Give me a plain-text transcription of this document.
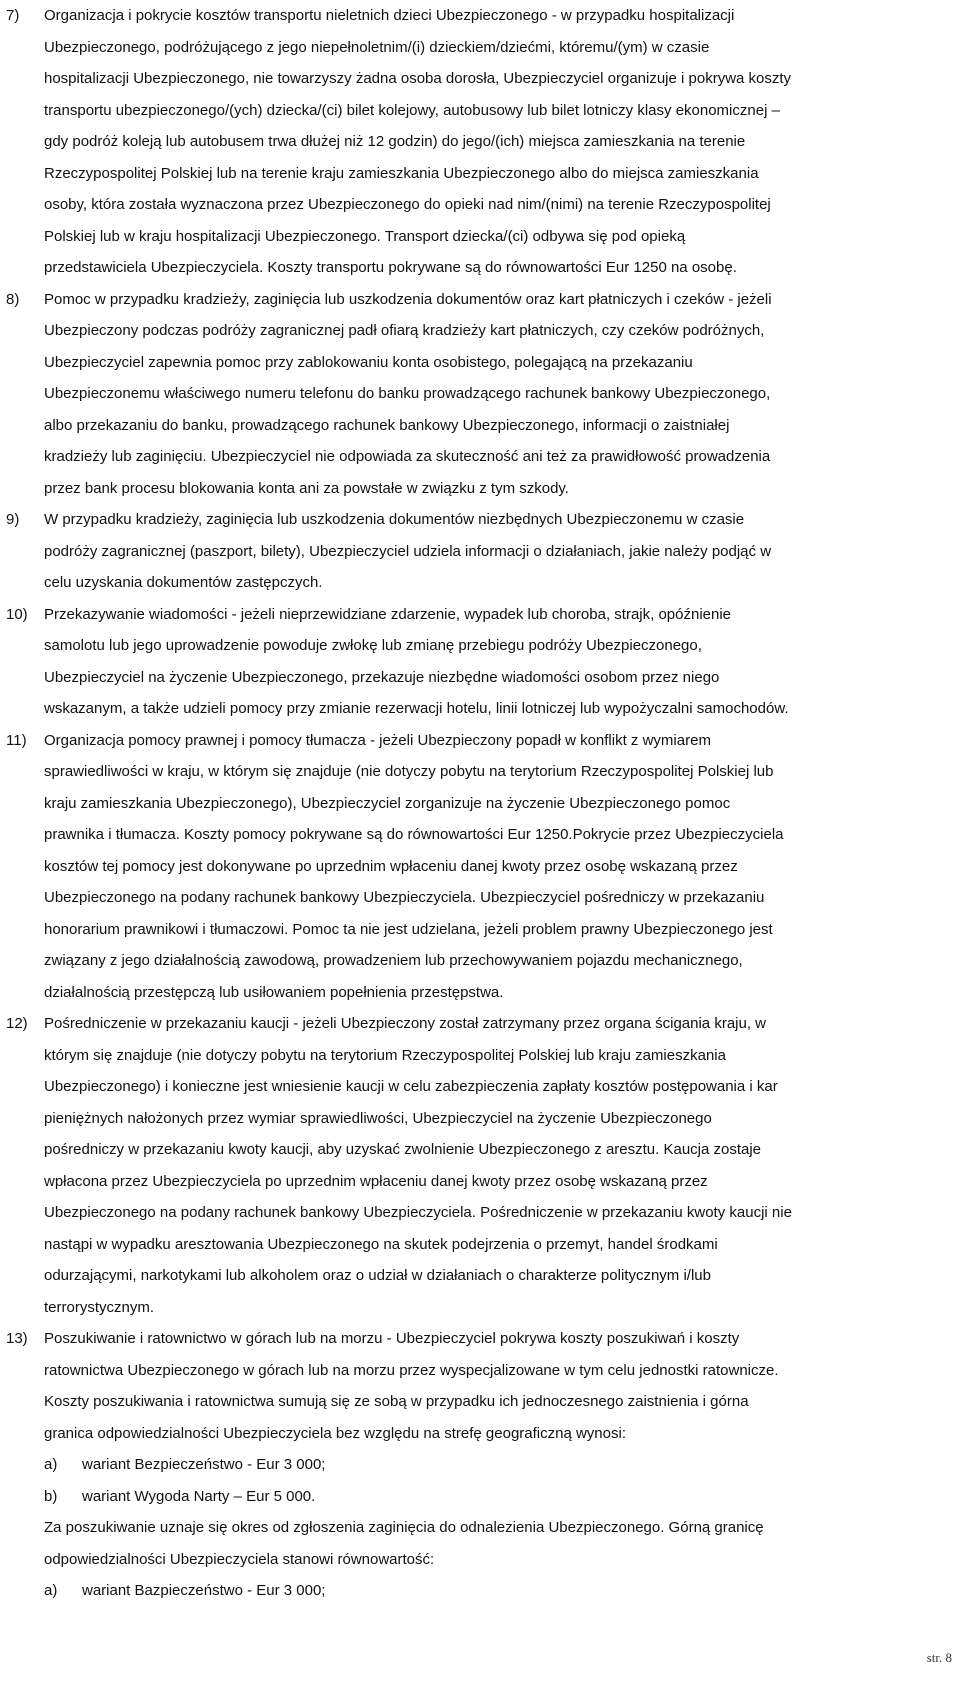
7) Organizacja i pokrycie kosztów transportu nieletnich dzieci Ubezpieczonego - w przypadku hospitalizacji
Ubezpieczonego, podróżującego z jego niepełnoletnim/(i) dzieckiem/dziećmi, któremu/(ym) w czasie
hospitalizacji Ubezpieczonego, nie towarzyszy żadna osoba dorosła, Ubezpieczyciel organizuje i pokrywa koszty
transportu ubezpieczonego/(ych) dziecka/(ci) bilet kolejowy, autobusowy lub bilet lotniczy klasy ekonomicznej –
gdy podróż koleją lub autobusem trwa dłużej niż 12 godzin) do jego/(ich) miejsca zamieszkania na terenie
Rzeczypospolitej Polskiej lub na terenie kraju zamieszkania Ubezpieczonego albo do miejsca zamieszkania
osoby, która została wyznaczona przez Ubezpieczonego do opieki nad nim/(nimi) na terenie Rzeczypospolitej
Polskiej lub w kraju hospitalizacji Ubezpieczonego. Transport dziecka/(ci) odbywa się pod opieką
przedstawiciela Ubezpieczyciela. Koszty transportu pokrywane są do równowartości Eur 1250 na osobę.
8) Pomoc w przypadku kradzieży, zaginięcia lub uszkodzenia dokumentów oraz kart płatniczych i czeków - jeżeli
Ubezpieczony podczas podróży zagranicznej padł ofiarą kradzieży kart płatniczych, czy czeków podróżnych,
Ubezpieczyciel zapewnia pomoc przy zablokowaniu konta osobistego, polegającą na przekazaniu
Ubezpieczonemu właściwego numeru telefonu do banku prowadzącego rachunek bankowy Ubezpieczonego,
albo przekazaniu do banku, prowadzącego rachunek bankowy Ubezpieczonego, informacji o zaistniałej
kradzieży lub zaginięciu. Ubezpieczyciel nie odpowiada za skuteczność ani też za prawidłowość prowadzenia
przez bank procesu blokowania konta ani za powstałe w związku z tym szkody.
9) W przypadku kradzieży, zaginięcia lub uszkodzenia dokumentów niezbędnych Ubezpieczonemu w czasie
podróży zagranicznej (paszport, bilety), Ubezpieczyciel udziela informacji o działaniach, jakie należy podjąć w
celu uzyskania dokumentów zastępczych.
10) Przekazywanie wiadomości - jeżeli nieprzewidziane zdarzenie, wypadek lub choroba, strajk, opóźnienie
samolotu lub jego uprowadzenie powoduje zwłokę lub zmianę przebiegu podróży Ubezpieczonego,
Ubezpieczyciel na życzenie Ubezpieczonego, przekazuje niezbędne wiadomości osobom przez niego
wskazanym, a także udzieli pomocy przy zmianie rezerwacji hotelu, linii lotniczej lub wypożyczalni samochodów.
11) Organizacja pomocy prawnej i pomocy tłumacza - jeżeli Ubezpieczony popadł w konflikt z wymiarem
sprawiedliwości w kraju, w którym się znajduje (nie dotyczy pobytu na terytorium Rzeczypospolitej Polskiej lub
kraju zamieszkania Ubezpieczonego), Ubezpieczyciel zorganizuje na życzenie Ubezpieczonego pomoc
prawnika i tłumacza. Koszty pomocy pokrywane są do równowartości Eur 1250.Pokrycie przez Ubezpieczyciela
kosztów tej pomocy jest dokonywane po uprzednim wpłaceniu danej kwoty przez osobę wskazaną przez
Ubezpieczonego na podany rachunek bankowy Ubezpieczyciela. Ubezpieczyciel pośredniczy w przekazaniu
honorarium prawnikowi i tłumaczowi. Pomoc ta nie jest udzielana, jeżeli problem prawny Ubezpieczonego jest
związany z jego działalnością zawodową, prowadzeniem lub przechowywaniem pojazdu mechanicznego,
działalnością przestępczą lub usiłowaniem popełnienia przestępstwa.
12) Pośredniczenie w przekazaniu kaucji - jeżeli Ubezpieczony został zatrzymany przez organa ścigania kraju, w
którym się znajduje (nie dotyczy pobytu na terytorium Rzeczypospolitej Polskiej lub kraju zamieszkania
Ubezpieczonego) i konieczne jest wniesienie kaucji w celu zabezpieczenia zapłaty kosztów postępowania i kar
pieniężnych nałożonych przez wymiar sprawiedliwości, Ubezpieczyciel na życzenie Ubezpieczonego
pośredniczy w przekazaniu kwoty kaucji, aby uzyskać zwolnienie Ubezpieczonego z aresztu. Kaucja zostaje
wpłacona przez Ubezpieczyciela po uprzednim wpłaceniu danej kwoty przez osobę wskazaną przez
Ubezpieczonego na podany rachunek bankowy Ubezpieczyciela. Pośredniczenie w przekazaniu kwoty kaucji nie
nastąpi w wypadku aresztowania Ubezpieczonego na skutek podejrzenia o przemyt, handel środkami
odurzającymi, narkotykami lub alkoholem oraz o udział w działaniach o charakterze politycznym i/lub
terrorystycznym.
13) Poszukiwanie i ratownictwo w górach lub na morzu - Ubezpieczyciel pokrywa koszty poszukiwań i koszty
ratownictwa Ubezpieczonego w górach lub na morzu przez wyspecjalizowane w tym celu jednostki ratownicze.
Koszty poszukiwania i ratownictwa sumują się ze sobą w przypadku ich jednoczesnego zaistnienia i górna
granica odpowiedzialności Ubezpieczyciela bez względu na strefę geograficzną wynosi:
a) wariant Bezpieczeństwo - Eur 3 000;
b) wariant Wygoda Narty – Eur 5 000.
Za poszukiwanie uznaje się okres od zgłoszenia zaginięcia do odnalezienia Ubezpieczonego. Górną granicę
odpowiedzialności Ubezpieczyciela stanowi równowartość:
a) wariant Bazpieczeństwo - Eur 3 000;
str. 8
